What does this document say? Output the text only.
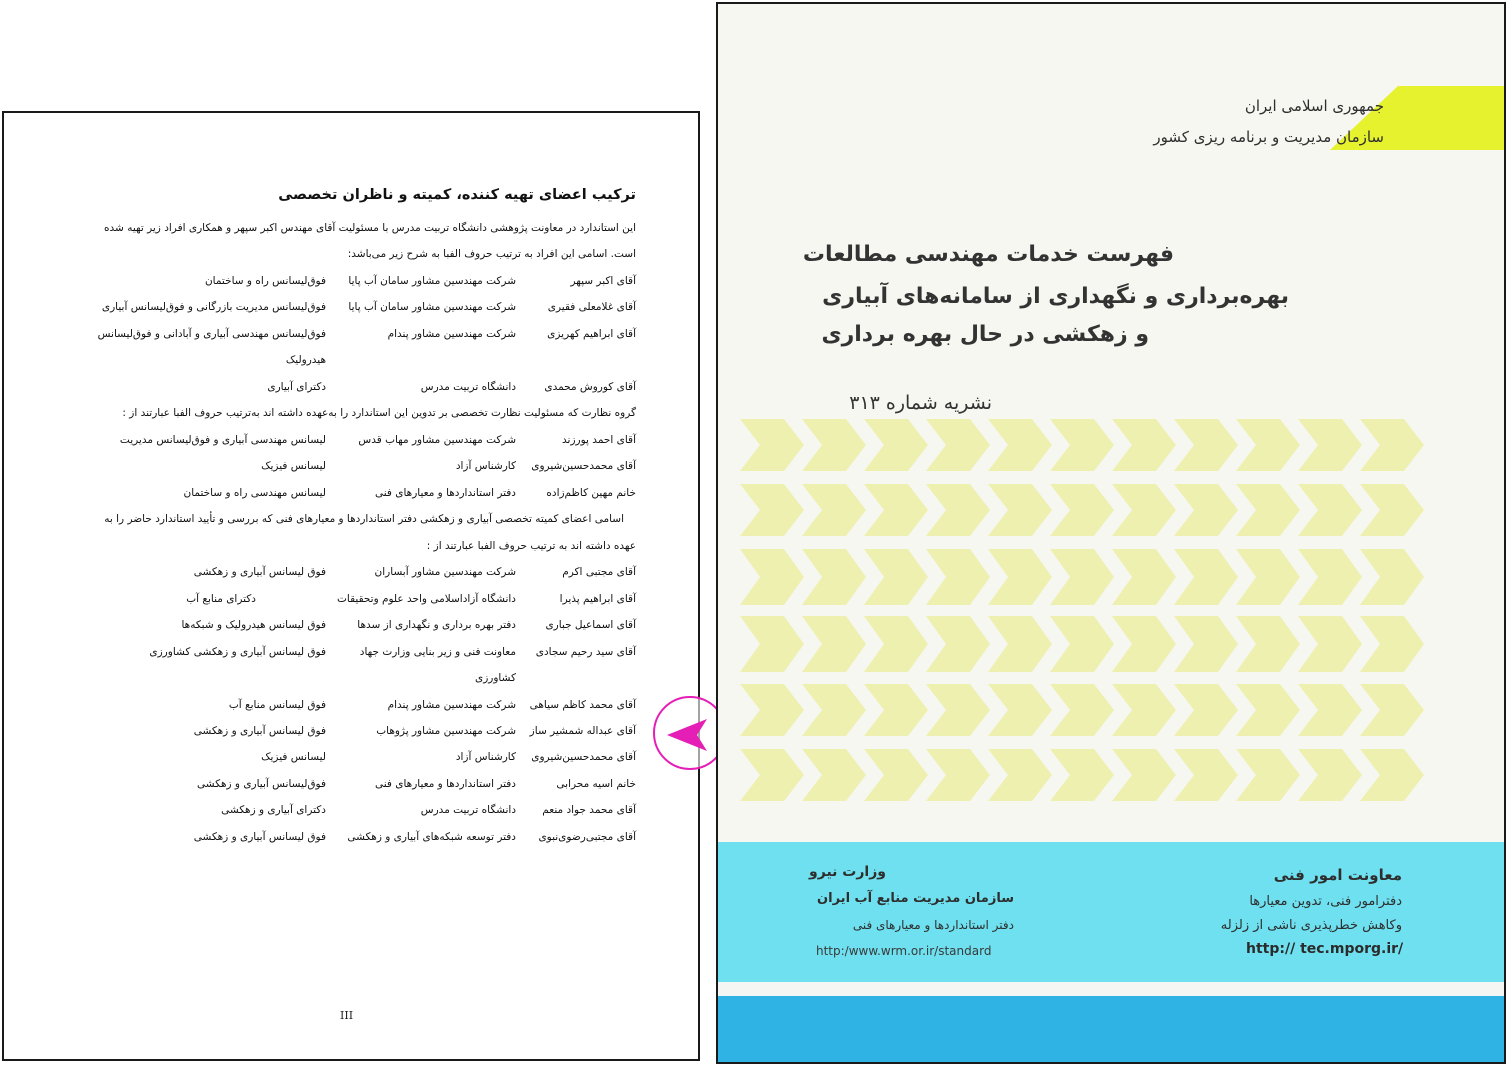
ترکیب اعضای تهیه کننده، کمیته و ناظران تخصصی
این استاندارد در معاونت پژوهشی دانشگاه تربیت مدرس با مسئولیت آقای مهندس اکبر سپهر و همکاری افراد زیر تهیه شده
است. اسامی این افراد به ترتیب حروف الفبا به شرح زیر می‌باشد:
آقای اکبر سپهر
شرکت مهندسین مشاور سامان آب پایا
فوق‌لیسانس راه و ساختمان
آقای غلامعلی فقیری
شرکت مهندسین مشاور سامان آب پایا
فوق‌لیسانس مدیریت بازرگانی و فوق‌لیسانس آبیاری
آقای ابراهیم کهریزی
شرکت مهندسین مشاور پندام
فوق‌لیسانس مهندسی آبیاری و آبادانی و فوق‌لیسانس
هیدرولیک
آقای کوروش محمدی
دانشگاه تربیت مدرس
دکترای آبیاری
گروه نظارت که مسئولیت نظارت تخصصی بر تدوین این استاندارد را به‌عهده داشته اند به‌ترتیب حروف الفبا عبارتند از :
آقای احمد پورزند
شرکت مهندسین مشاور مهاب قدس
لیسانس مهندسی آبیاری و فوق‌لیسانس مدیریت
آقای محمدحسین‌شیروی
کارشناس آزاد
لیسانس فیزیک
خانم مهین کاظم‌زاده
دفتر استانداردها و معیارهای فنی
لیسانس مهندسی راه و ساختمان
اسامی اعضای کمیته تخصصی آبیاری و زهکشی دفتر استانداردها و معیارهای فنی که بررسی و تأیید استاندارد حاضر را به
عهده داشته اند به ترتیب حروف الفبا عبارتند از :
آقای مجتبی اکرم
شرکت مهندسین مشاور آبساران
فوق لیسانس آبیاری و زهکشی
آقای ابراهیم پذیرا
دانشگاه آزاداسلامی واحد علوم وتحقیقات
دکترای منابع آب
آقای اسماعیل جباری
دفتر بهره برداری و نگهداری از سدها
فوق لیسانس هیدرولیک و شبکه‌ها
آقای سید رحیم سجادی
معاونت فنی و زیر بنایی وزارت جهاد
فوق لیسانس آبیاری و زهکشی کشاورزی
کشاورزی
آقای محمد کاظم سیاهی
شرکت مهندسین مشاور پندام
فوق لیسانس منابع آب
آقای عبداله شمشیر ساز
شرکت مهندسین مشاور پژوهاب
فوق لیسانس آبیاری و زهکشی
آقای محمدحسین‌شیروی
کارشناس آزاد
لیسانس فیزیک
خانم اسیه محرابی
دفتر استانداردها و معیارهای فنی
فوق‌لیسانس آبیاری و زهکشی
آقای محمد جواد منعم
دانشگاه تربیت مدرس
دکترای آبیاری و زهکشی
آقای مجتبی‌رضوی‌نبوی
دفتر توسعه شبکه‌های آبیاری و زهکشی
فوق لیسانس آبیاری و زهکشی
III
جمهوری اسلامی ایران
سازمان مدیریت و برنامه ریزی کشور
فهرست خدمات مهندسی مطالعات
بهره‌برداری و نگهداری از سامانه‌های آبیاری
و زهکشی در حال بهره برداری
نشریه شماره ۳۱۳
معاونت امور فنی
دفترامور فنی، تدوین معیارها
وکاهش خطرپذیری ناشی از زلزله
http:// tec.mporg.ir/
وزارت نیرو
سازمان مدیریت منابع آب ایران
دفتر استانداردها و معیارهای فنی
http:/www.wrm.or.ir/standard
